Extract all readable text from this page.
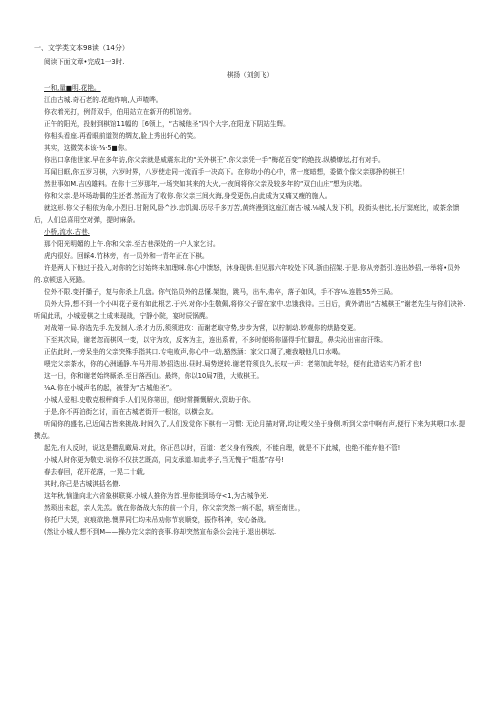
一、文学类文本98读（14分）

阅读下面文章•完成1一3时.

棋扬（刘剑飞）

一和,量■明.花艳。

江由古城.奇石老的.花炮炸响,人声喳哗。

你衣着光打，例背双手，伯用站立在新开的机馆旁。

正午的阳光，投射到棋馆11幅的［6领上，“古城他圣”四个大字,在阳龙下阴站生辉。

你相头看座.再看眼前道贺的绸友,脸上秀出轩心的笑。

其实，这微笑本该·⅜·5■你。

你出口拿他世家.早在多年访,你父亲就是威震东北的“关外棋王”.你父亲凭一手“梅花百变”的绝技.纵横燎坛,打有对手。

耳闻目眶,你五岁习棋，六岁时界，八岁使走同一流而手一决高下。在你幼小的心中，常一度暗想，委做个像父亲那挣的棋王！

然世事如M.吉凶雄料。在你十三岁那年,一场突如其来的大火,一夜间将你父亲及较多年的“双白山庄”想为庆堵。

你和父亲.是坏场劫偶的生还者.然而为了收你.你父亲三间火海,身受更伤,自此成为又痛又瘦的施人。

就这形.你父子相依为命,小烈日.甘附风,卧^沙.忠饥渴.历尽千多万苦,黄终漫到这座江南古·城.⅛城人发下机，段街头巷比,长厅窦庭比，或茶余馈后，人们总喜用空对弹，提时麻条。

小桥,流水.古巷.

那个阳光明媚的上午.你和父亲.至古巷深处的一户人家乞讨。

虎内很好。回睬4.竹林旁，有一员外和一青年正在下棋。

许是两人下他过于投入,对你的乞讨始终未加理咪.你心中馈怒，沐身现供.但见那六年咬处下风.浙由招架.于是.你从旁指引.连出妙招,一举将•员外的.京顿送入死路。

位外不限.变扦播子，复与你杀上几盘。你气馅员外的总懂.架饱，跳马，出车,弗卒，落子如风，手不容⅛.连胜55外三局。

员外大异,想不到一个小叫花子竟有如此根艺.于兴.对你小生敬佩,将你父子留在家中.忠饿我待。三日后，黄外请出“古城棋王”谢老先生与你们决补.听闻此讯，小城爱棋之士成耒现战，宁静小院，宴时辰锅麂。

对战第一局.你选先手.先发制人.杀才力历,须须进攻：而谢老取守势,步步为营，以柠制动.妙观你的烘路变更。

下至其次局，谢老忽而棋风一变，以守为攻，反客为主，连出系着，不多时便将你逼得手忙脚乱，鼻尖沁出宙亩汗珠。

正估此时,一旁呆坐的父亲突殊手指其口.专电败声,你心中一动,豁然涵：家父口凋了,雍我哦他几口水喝。

喂完父亲茶水，你的心洲通静.车马并用.妙招迭出.昼时.局势逆转.谢老符须良久,长叹一声：老第加此年轻，便有此造诂实乃祈才也!

这一日，你和谢老始终厮杀.至日落西山。最终，你以10局7胜，大败棋王。

⅛A.你在小城声名的起，被誉为“古城他圣”。

小城人爱相.史敬克根秤商手.人们见你第田，便时常撕慨解火,资助于你。

于是,你不再泊街乞讨，而在古城老街开一根馆，以横会友。

听闻你的盛名,已近闻古皆来挑战.时间久了,人们发觉你下棋有一习惯: 无论月描对肾,均让嗖父坐于身侧.听到父亲中啊有声,便行下来为其喂口水.提携点。

起先,有人反时，说这是攒乱瞰局.对此，你正邑以时，百道：老父身有残疾，不能自理，就是不下此城，也绝不能弃他不管!

小城人时你更为敬史.说你不仅扶艺既高，同支承道.如此孝子,当无愧于“组基”存号!

春去春回，花开花落，一晃二十载,

其时,你己是古城淇括名僚.

这年秋,恼逢向北六省象棋联赛.小城人推你为首.里你能到场夺<1,为古城争光.

然琐出未起，亲人先羔。就在你备战大东的前一个月，你父亲突然一病不起，病至南世。，

你托尸大哭，哀痕欲艳.懊界同仁均未吊劝你节哀顺变，振作科神，安心备战。

(然让小城人想不到M——操办完父亲的丧事.你却突然宣布条公会沌于.退出棋坛.
